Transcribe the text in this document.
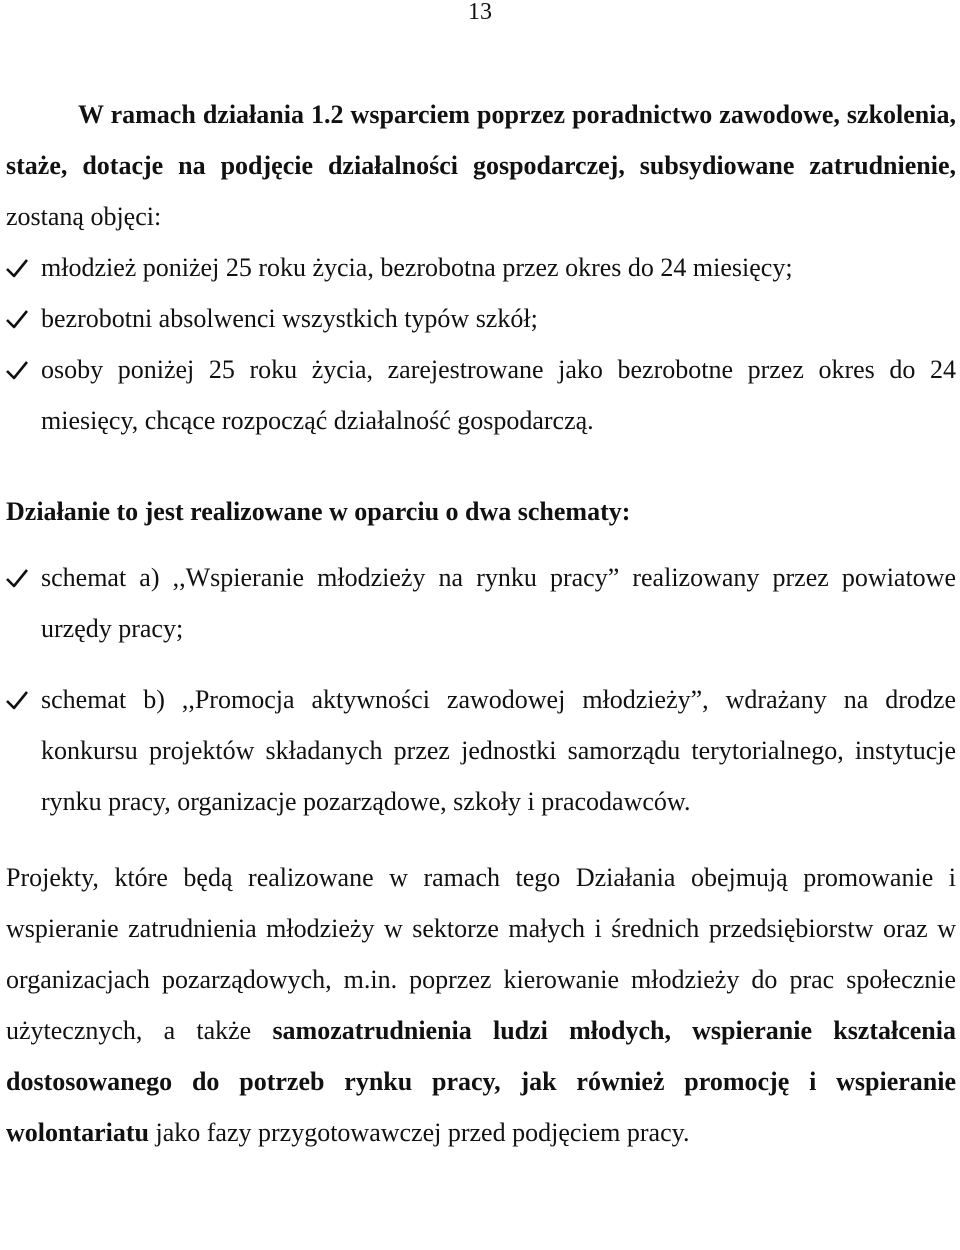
13

W ramach działania 1.2 wsparciem poprzez poradnictwo zawodowe, szkolenia, staże, dotacje na podjęcie działalności gospodarczej, subsydiowane zatrudnienie, zostaną objęci:

młodzież poniżej 25 roku życia, bezrobotna przez okres do 24 miesięcy;
bezrobotni absolwenci wszystkich typów szkół;
osoby poniżej 25 roku życia, zarejestrowane jako bezrobotne przez okres do 24 miesięcy, chcące rozpocząć działalność gospodarczą.

Działanie to jest realizowane w oparciu o dwa schematy:

schemat a) ,,Wspieranie młodzieży na rynku pracy” realizowany przez powiatowe urzędy pracy;
schemat b) ,,Promocja aktywności zawodowej młodzieży”, wdrażany na drodze konkursu projektów składanych przez jednostki samorządu terytorialnego, instytucje rynku pracy, organizacje pozarządowe, szkoły i pracodawców.

Projekty, które będą realizowane w ramach tego Działania obejmują promowanie i wspieranie zatrudnienia młodzieży w sektorze małych i średnich przedsiębiorstw oraz w organizacjach pozarządowych, m.in. poprzez kierowanie młodzieży do prac społecznie użytecznych, a także samozatrudnienia ludzi młodych, wspieranie kształcenia dostosowanego do potrzeb rynku pracy, jak również promocję i wspieranie wolontariatu jako fazy przygotowawczej przed podjęciem pracy.
